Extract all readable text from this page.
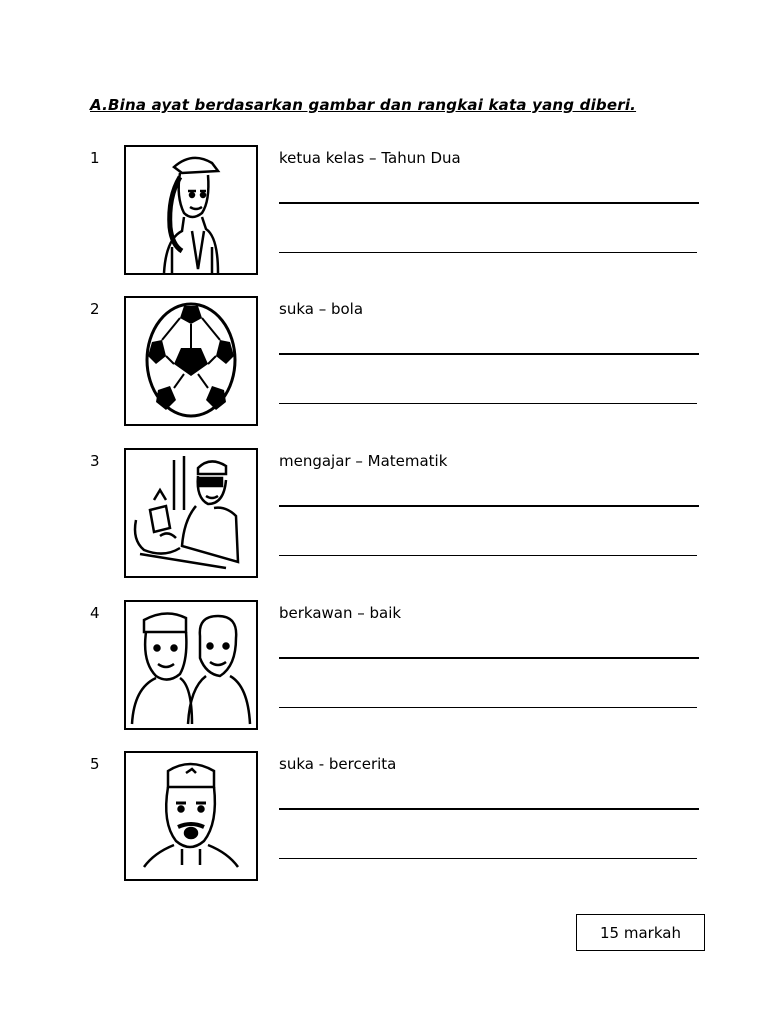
A.Bina ayat berdasarkan gambar dan rangkai kata yang diberi.
1	ketua kelas – Tahun Dua
2	suka – bola
3	mengajar – Matematik
4	berkawan – baik
5	suka - bercerita
15 markah
